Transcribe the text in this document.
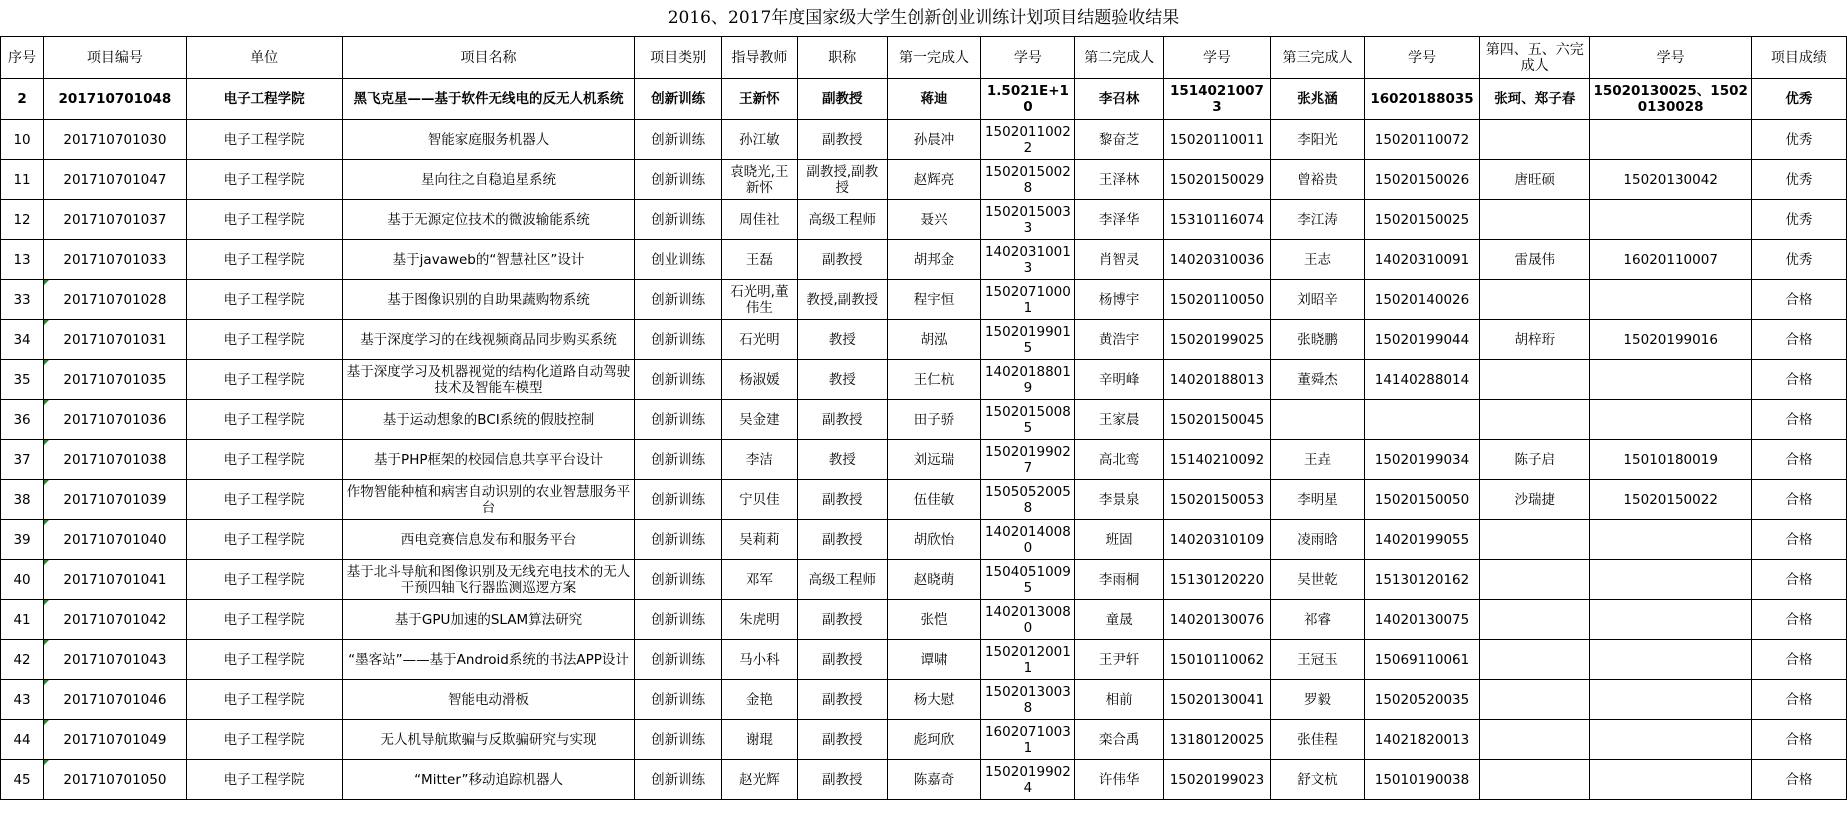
2016、2017年度国家级大学生创新创业训练计划项目结题验收结果
序号	项目编号	单位	项目名称	项目类别	指导教师	职称	第一完成人	学号	第二完成人	学号	第三完成人	学号	第四、五、六完成人	学号	项目成绩
2	201710701048	电子工程学院	黑飞克星——基于软件无线电的反无人机系统	创新训练	王新怀	副教授	蒋迪	1.5021E+10	李召林	15140210073	张兆涵	16020188035	张珂、郑子春	15020130025、15020130028	优秀
10	201710701030	电子工程学院	智能家庭服务机器人	创新训练	孙江敏	副教授	孙晨冲	15020110022	黎奋芝	15020110011	李阳光	15020110072			优秀
11	201710701047	电子工程学院	星向往之自稳追星系统	创新训练	袁晓光,王新怀	副教授,副教授	赵辉亮	15020150028	王泽林	15020150029	曾裕贵	15020150026	唐旺硕	15020130042	优秀
12	201710701037	电子工程学院	基于无源定位技术的微波输能系统	创新训练	周佳社	高级工程师	聂兴	15020150033	李泽华	15310116074	李江涛	15020150025			优秀
13	201710701033	电子工程学院	基于javaweb的“智慧社区”设计	创业训练	王磊	副教授	胡邦金	14020310013	肖智灵	14020310036	王志	14020310091	雷晟伟	16020110007	优秀
33	201710701028	电子工程学院	基于图像识别的自助果蔬购物系统	创新训练	石光明,董伟生	教授,副教授	程宇恒	15020710001	杨博宇	15020110050	刘昭辛	15020140026			合格
34	201710701031	电子工程学院	基于深度学习的在线视频商品同步购买系统	创新训练	石光明	教授	胡泓	15020199015	黄浩宇	15020199025	张晓鹏	15020199044	胡梓珩	15020199016	合格
35	201710701035	电子工程学院	基于深度学习及机器视觉的结构化道路自动驾驶技术及智能车模型	创新训练	杨淑媛	教授	王仁杭	14020188019	辛明峰	14020188013	董舜杰	14140288014			合格
36	201710701036	电子工程学院	基于运动想象的BCI系统的假肢控制	创新训练	吴金建	副教授	田子骄	15020150085	王家晨	15020150045					合格
37	201710701038	电子工程学院	基于PHP框架的校园信息共享平台设计	创新训练	李洁	教授	刘远瑞	15020199027	高北鸾	15140210092	王垚	15020199034	陈子启	15010180019	合格
38	201710701039	电子工程学院	作物智能种植和病害自动识别的农业智慧服务平台	创新训练	宁贝佳	副教授	伍佳敏	15050520058	李景泉	15020150053	李明星	15020150050	沙瑞捷	15020150022	合格
39	201710701040	电子工程学院	西电竞赛信息发布和服务平台	创新训练	吴莉莉	副教授	胡欣怡	14020140080	班固	14020310109	凌雨晗	14020199055			合格
40	201710701041	电子工程学院	基于北斗导航和图像识别及无线充电技术的无人干预四轴飞行器监测巡逻方案	创新训练	邓军	高级工程师	赵晓萌	15040510095	李雨桐	15130120220	吴世乾	15130120162			合格
41	201710701042	电子工程学院	基于GPU加速的SLAM算法研究	创新训练	朱虎明	副教授	张恺	14020130080	童晟	14020130076	祁睿	14020130075			合格
42	201710701043	电子工程学院	“墨客站”——基于Android系统的书法APP设计	创新训练	马小科	副教授	谭啸	15020120011	王尹轩	15010110062	王冠玉	15069110061			合格
43	201710701046	电子工程学院	智能电动滑板	创新训练	金艳	副教授	杨大慰	15020130038	相前	15020130041	罗毅	15020520035			合格
44	201710701049	电子工程学院	无人机导航欺骗与反欺骗研究与实现	创新训练	谢琨	副教授	彪珂欣	16020710031	栾合禹	13180120025	张佳程	14021820013			合格
45	201710701050	电子工程学院	“Mitter”移动追踪机器人	创新训练	赵光辉	副教授	陈嘉奇	15020199024	许伟华	15020199023	舒文杭	15010190038			合格
